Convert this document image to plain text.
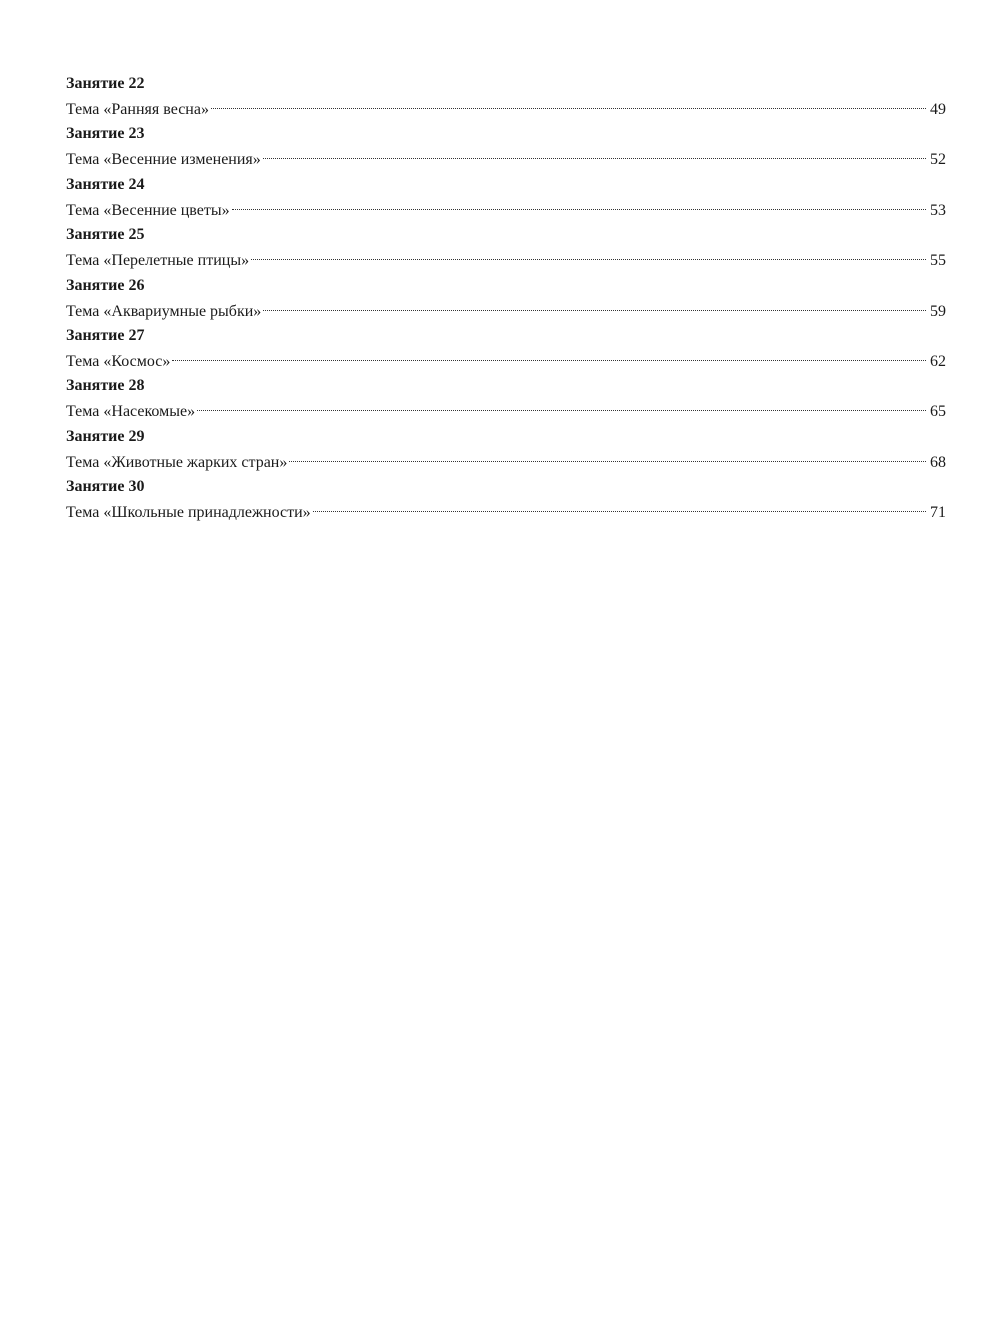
Занятие 22
Тема «Ранняя весна»	49
Занятие 23
Тема «Весенние изменения»	52
Занятие 24
Тема «Весенние цветы»	53
Занятие 25
Тема «Перелетные птицы»	55
Занятие 26
Тема «Аквариумные рыбки»	59
Занятие 27
Тема «Космос»	62
Занятие 28
Тема «Насекомые»	65
Занятие 29
Тема «Животные жарких стран»	68
Занятие 30
Тема «Школьные принадлежности»	71
